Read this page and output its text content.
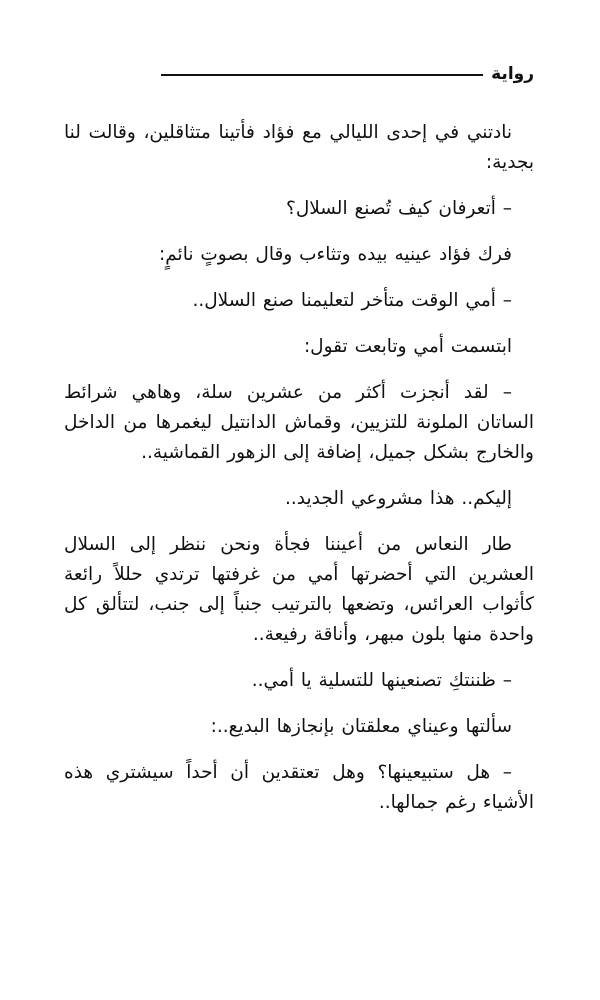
رواية

نادتني في إحدى الليالي مع فؤاد فأتينا متثاقلين، وقالت لنا بجدية:

– أتعرفان كيف تُصنع السلال؟

فرك فؤاد عينيه بيده وتثاءب وقال بصوتٍ نائمٍ:

– أمي الوقت متأخر لتعليمنا صنع السلال..

ابتسمت أمي وتابعت تقول:

– لقد أنجزت أكثر من عشرين سلة، وهاهي شرائط الساتان الملونة للتزيين، وقماش الدانتيل ليغمرها من الداخل والخارج بشكل جميل، إضافة إلى الزهور القماشية..

إليكم.. هذا مشروعي الجديد..

طار النعاس من أعيننا فجأة ونحن ننظر إلى السلال العشرين التي أحضرتها أمي من غرفتها ترتدي حللاً رائعة كأثواب العرائس، وتضعها بالترتيب جنباً إلى جنب، لتتألق كل واحدة منها بلون مبهر، وأناقة رفيعة..

– ظننتكِ تصنعينها للتسلية يا أمي..

سألتها وعيناي معلقتان بإنجازها البديع..:

– هل ستبيعينها؟ وهل تعتقدين أن أحداً سيشتري هذه الأشياء رغم جمالها..
